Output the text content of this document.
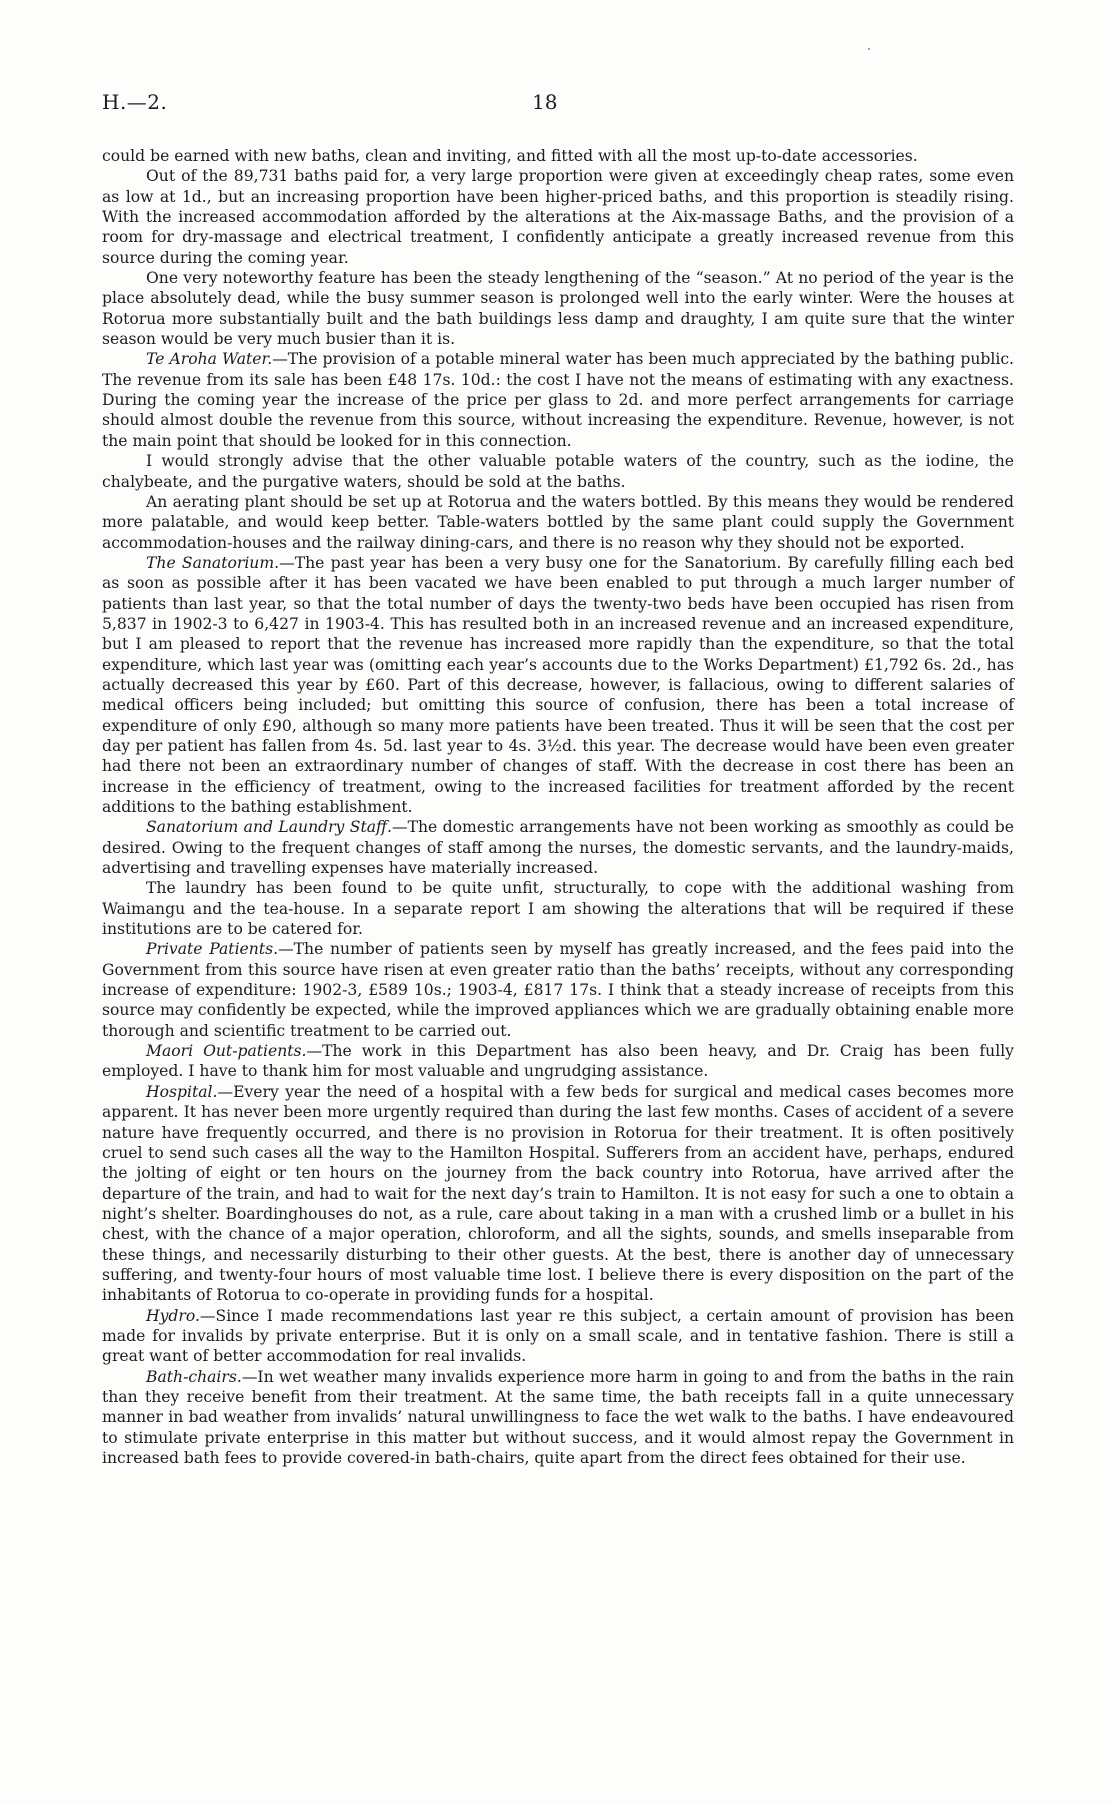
H.—2.	18

could be earned with new baths, clean and inviting, and fitted with all the most up-to-date accessories.

Out of the 89,731 baths paid for, a very large proportion were given at exceedingly cheap rates, some even as low at 1d., but an increasing proportion have been higher-priced baths, and this proportion is steadily rising. With the increased accommodation afforded by the alterations at the Aix-massage Baths, and the provision of a room for dry-massage and electrical treatment, I confidently anticipate a greatly increased revenue from this source during the coming year.

One very noteworthy feature has been the steady lengthening of the “season.” At no period of the year is the place absolutely dead, while the busy summer season is prolonged well into the early winter. Were the houses at Rotorua more substantially built and the bath buildings less damp and draughty, I am quite sure that the winter season would be very much busier than it is.

Te Aroha Water.—The provision of a potable mineral water has been much appreciated by the bathing public. The revenue from its sale has been £48 17s. 10d.: the cost I have not the means of estimating with any exactness. During the coming year the increase of the price per glass to 2d. and more perfect arrangements for carriage should almost double the revenue from this source, without increasing the expenditure. Revenue, however, is not the main point that should be looked for in this connection.

I would strongly advise that the other valuable potable waters of the country, such as the iodine, the chalybeate, and the purgative waters, should be sold at the baths.

An aerating plant should be set up at Rotorua and the waters bottled. By this means they would be rendered more palatable, and would keep better. Table-waters bottled by the same plant could supply the Government accommodation-houses and the railway dining-cars, and there is no reason why they should not be exported.

The Sanatorium.—The past year has been a very busy one for the Sanatorium. By carefully filling each bed as soon as possible after it has been vacated we have been enabled to put through a much larger number of patients than last year, so that the total number of days the twenty-two beds have been occupied has risen from 5,837 in 1902-3 to 6,427 in 1903-4. This has resulted both in an increased revenue and an increased expenditure, but I am pleased to report that the revenue has increased more rapidly than the expenditure, so that the total expenditure, which last year was (omitting each year’s accounts due to the Works Department) £1,792 6s. 2d., has actually decreased this year by £60. Part of this decrease, however, is fallacious, owing to different salaries of medical officers being included; but omitting this source of confusion, there has been a total increase of expenditure of only £90, although so many more patients have been treated. Thus it will be seen that the cost per day per patient has fallen from 4s. 5d. last year to 4s. 3½d. this year. The decrease would have been even greater had there not been an extraordinary number of changes of staff. With the decrease in cost there has been an increase in the efficiency of treatment, owing to the increased facilities for treatment afforded by the recent additions to the bathing establishment.

Sanatorium and Laundry Staff.—The domestic arrangements have not been working as smoothly as could be desired. Owing to the frequent changes of staff among the nurses, the domestic servants, and the laundry-maids, advertising and travelling expenses have materially increased.

The laundry has been found to be quite unfit, structurally, to cope with the additional washing from Waimangu and the tea-house. In a separate report I am showing the alterations that will be required if these institutions are to be catered for.

Private Patients.—The number of patients seen by myself has greatly increased, and the fees paid into the Government from this source have risen at even greater ratio than the baths’ receipts, without any corresponding increase of expenditure: 1902-3, £589 10s.; 1903-4, £817 17s. I think that a steady increase of receipts from this source may confidently be expected, while the improved appliances which we are gradually obtaining enable more thorough and scientific treatment to be carried out.

Maori Out-patients.—The work in this Department has also been heavy, and Dr. Craig has been fully employed. I have to thank him for most valuable and ungrudging assistance.

Hospital.—Every year the need of a hospital with a few beds for surgical and medical cases becomes more apparent. It has never been more urgently required than during the last few months. Cases of accident of a severe nature have frequently occurred, and there is no provision in Rotorua for their treatment. It is often positively cruel to send such cases all the way to the Hamilton Hospital. Sufferers from an accident have, perhaps, endured the jolting of eight or ten hours on the journey from the back country into Rotorua, have arrived after the departure of the train, and had to wait for the next day’s train to Hamilton. It is not easy for such a one to obtain a night’s shelter. Boardinghouses do not, as a rule, care about taking in a man with a crushed limb or a bullet in his chest, with the chance of a major operation, chloroform, and all the sights, sounds, and smells inseparable from these things, and necessarily disturbing to their other guests. At the best, there is another day of unnecessary suffering, and twenty-four hours of most valuable time lost. I believe there is every disposition on the part of the inhabitants of Rotorua to co-operate in providing funds for a hospital.

Hydro.—Since I made recommendations last year re this subject, a certain amount of provision has been made for invalids by private enterprise. But it is only on a small scale, and in tentative fashion. There is still a great want of better accommodation for real invalids.

Bath-chairs.—In wet weather many invalids experience more harm in going to and from the baths in the rain than they receive benefit from their treatment. At the same time, the bath receipts fall in a quite unnecessary manner in bad weather from invalids’ natural unwillingness to face the wet walk to the baths. I have endeavoured to stimulate private enterprise in this matter but without success, and it would almost repay the Government in increased bath fees to provide covered-in bath-chairs, quite apart from the direct fees obtained for their use.
